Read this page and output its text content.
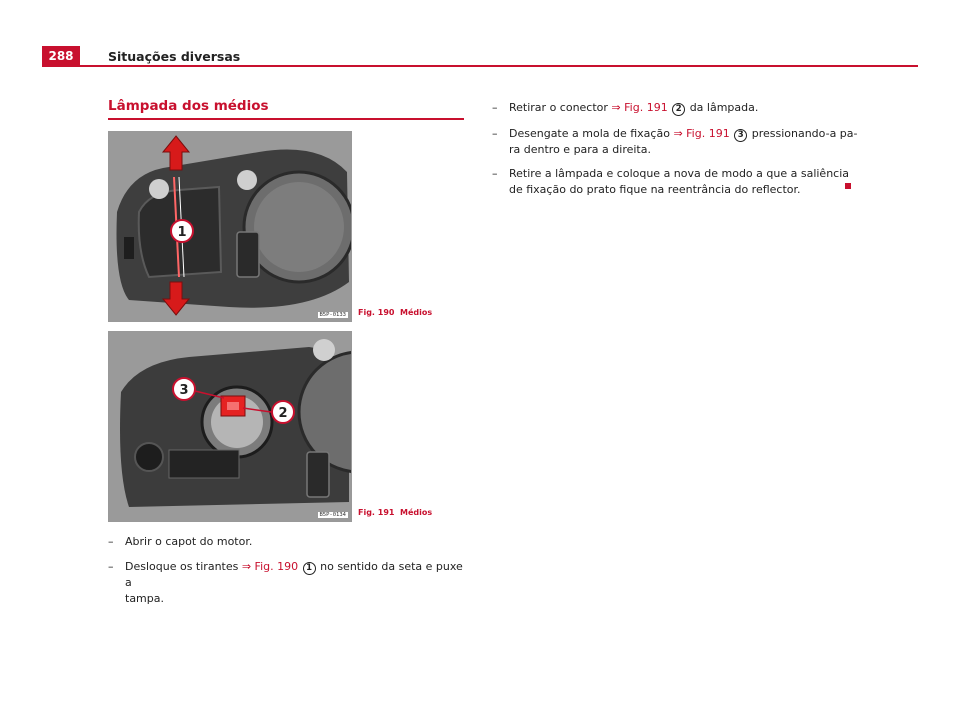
288	Situações diversas
Lâmpada dos médios
1
B5P-0133 Fig. 190 Médios
3
2
B5P-0134 Fig. 191 Médios
– Abrir o capot do motor.
– Desloque os tirantes ⇒ Fig. 190 1 no sentido da seta e puxe a
tampa.
– Retirar o conector ⇒ Fig. 191 2 da lâmpada.
– Desengate a mola de fixação ⇒ Fig. 191 3 pressionando-a pa-
ra dentro e para a direita.
– Retire a lâmpada e coloque a nova de modo a que a saliência
de fixação do prato fique na reentrância do reflector.
